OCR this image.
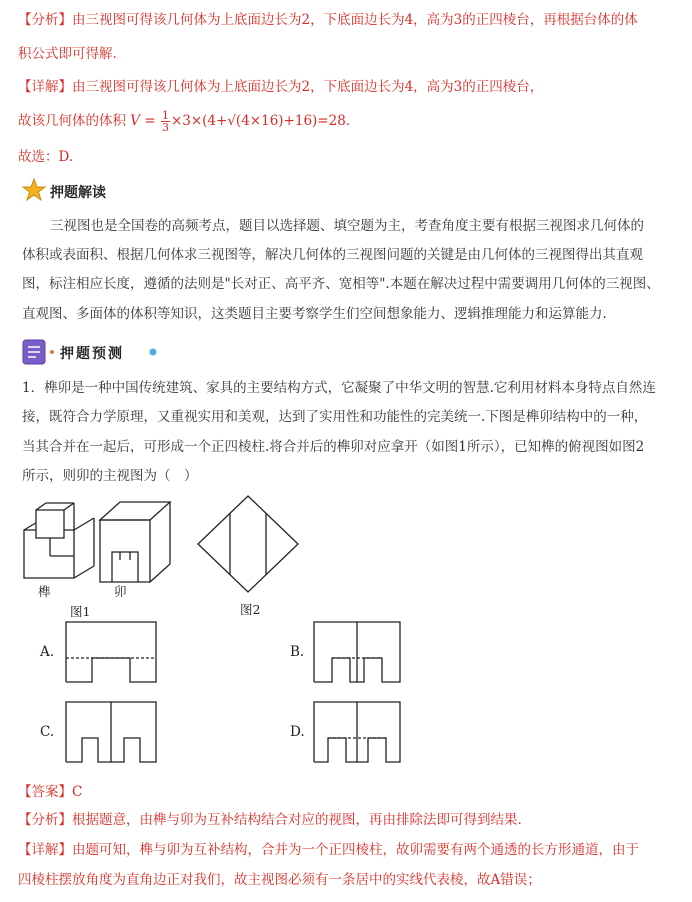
【分析】由三视图可得该几何体为上底面边长为2，下底面边长为4，高为3的正四棱台，再根据台体的体
积公式即可得解.
【详解】由三视图可得该几何体为上底面边长为2，下底面边长为4，高为3的正四棱台，
故该几何体的体积 $V = \frac{1}{3} \times 3\times(4+√(4\times 16)+16)=28$.
故选：D.
押题解读
三视图也是全国卷的高频考点，题目以选择题、填空题为主，考查角度主要有根据三视图求几何体的
体积或表面积、根据几何体求三视图等，解决几何体的三视图问题的关键是由几何体的三视图得出其直观
图，标注相应长度，遵循的法则是"长对正、高平齐、宽相等".本题在解决过程中需要调用几何体的三视图、
直观图、多面体的体积等知识，这类题目主要考察学生们空间想象能力、逻辑推理能力和运算能力.
押题预测
1．榫卯是一种中国传统建筑、家具的主要结构方式，它凝聚了中华文明的智慧.它利用材料本身特点自然连
接，既符合力学原理，又重视实用和美观，达到了实用性和功能性的完美统一.下图是榫卯结构中的一种，
当其合并在一起后，可形成一个正四棱柱.将合并后的榫卯对应拿开（如图1所示），已知榫的俯视图如图2
所示，则卯的主视图为（　）
榫	卯
图1	图2
A.	B.
C.	D.
【答案】C
【分析】根据题意，由榫与卯为互补结构结合对应的视图，再由排除法即可得到结果.
【详解】由题可知，榫与卯为互补结构，合并为一个正四棱柱，故卯需要有两个通透的长方形通道，由于
四棱柱摆放角度为直角边正对我们，故主视图必须有一条居中的实线代表棱，故A错误；
